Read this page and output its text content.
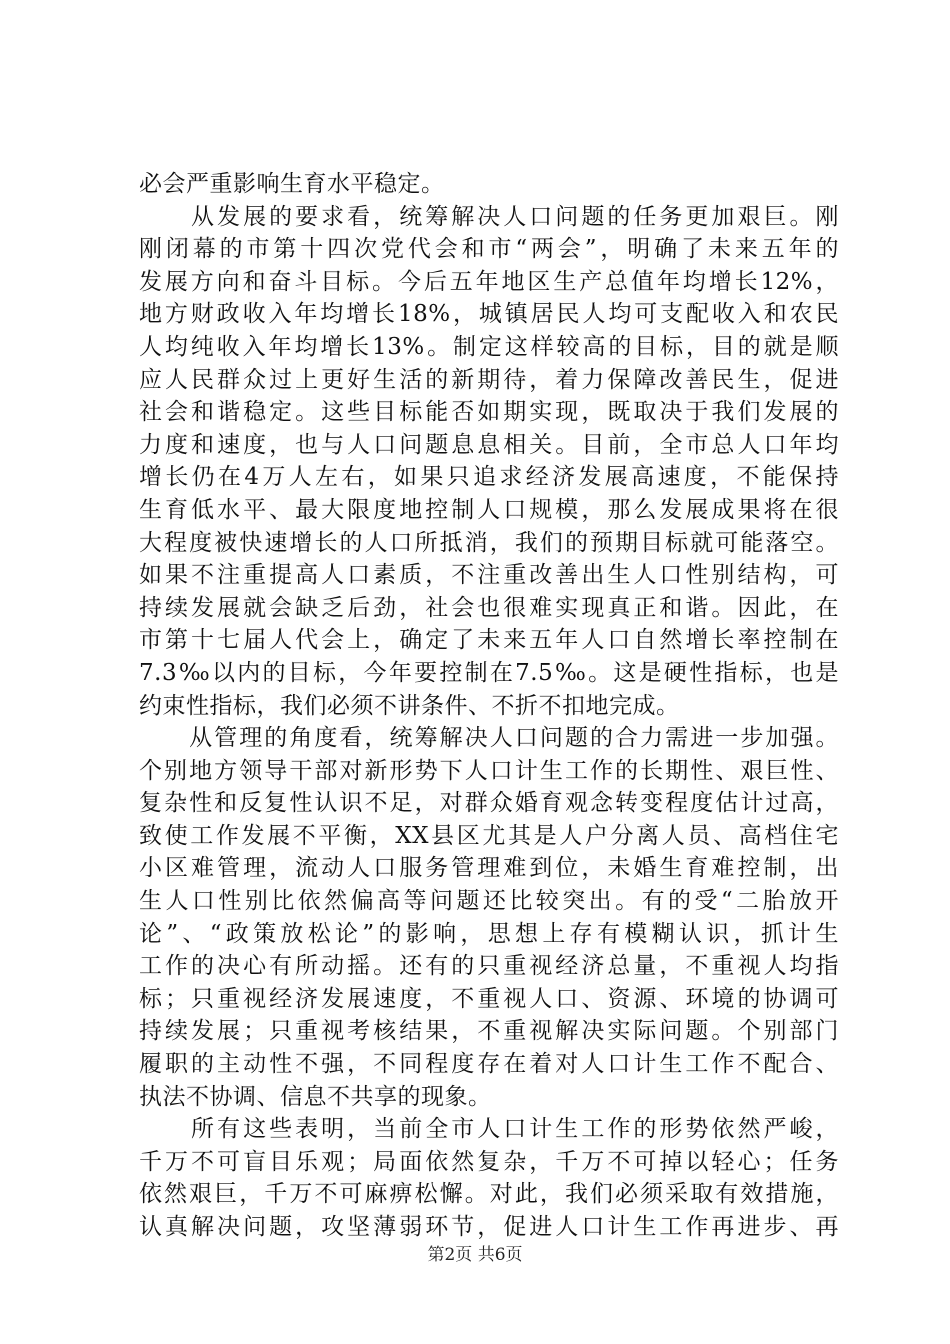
必会严重影响生育水平稳定。
　　从发展的要求看，统筹解决人口问题的任务更加艰巨。刚
刚闭幕的市第十四次党代会和市“两会”，明确了未来五年的
发展方向和奋斗目标。今后五年地区生产总值年均增长12%，
地方财政收入年均增长18%，城镇居民人均可支配收入和农民
人均纯收入年均增长13%。制定这样较高的目标，目的就是顺
应人民群众过上更好生活的新期待，着力保障改善民生，促进
社会和谐稳定。这些目标能否如期实现，既取决于我们发展的
力度和速度，也与人口问题息息相关。目前，全市总人口年均
增长仍在4万人左右，如果只追求经济发展高速度，不能保持
生育低水平、最大限度地控制人口规模，那么发展成果将在很
大程度被快速增长的人口所抵消，我们的预期目标就可能落空。
如果不注重提高人口素质，不注重改善出生人口性别结构，可
持续发展就会缺乏后劲，社会也很难实现真正和谐。因此，在
市第十七届人代会上，确定了未来五年人口自然增长率控制在
7.3‰以内的目标，今年要控制在7.5‰。这是硬性指标，也是
约束性指标，我们必须不讲条件、不折不扣地完成。
　　从管理的角度看，统筹解决人口问题的合力需进一步加强。
个别地方领导干部对新形势下人口计生工作的长期性、艰巨性、
复杂性和反复性认识不足，对群众婚育观念转变程度估计过高，
致使工作发展不平衡，XX县区尤其是人户分离人员、高档住宅
小区难管理，流动人口服务管理难到位，未婚生育难控制，出
生人口性别比依然偏高等问题还比较突出。有的受“二胎放开
论”、“政策放松论”的影响，思想上存有模糊认识，抓计生
工作的决心有所动摇。还有的只重视经济总量，不重视人均指
标；只重视经济发展速度，不重视人口、资源、环境的协调可
持续发展；只重视考核结果，不重视解决实际问题。个别部门
履职的主动性不强，不同程度存在着对人口计生工作不配合、
执法不协调、信息不共享的现象。
　　所有这些表明，当前全市人口计生工作的形势依然严峻，
千万不可盲目乐观；局面依然复杂，千万不可掉以轻心；任务
依然艰巨，千万不可麻痹松懈。对此，我们必须采取有效措施，
认真解决问题，攻坚薄弱环节，促进人口计生工作再进步、再
第2页 共6页
